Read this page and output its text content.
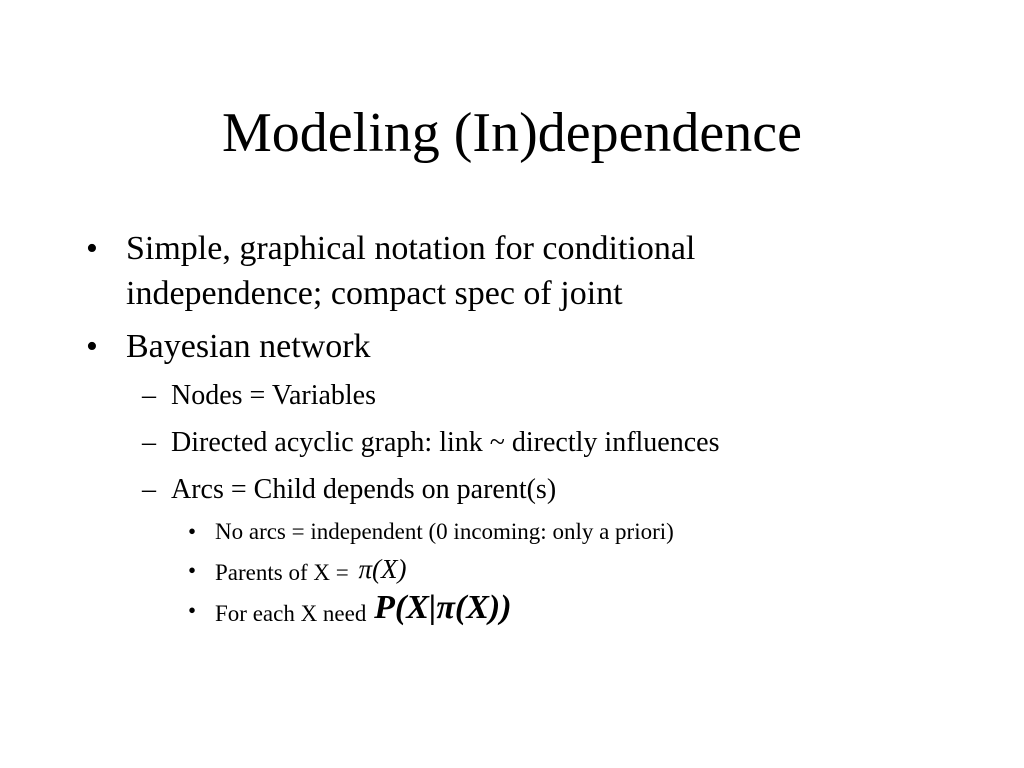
Modeling (In)dependence
• Simple, graphical notation for conditional
independence; compact spec of joint
• Bayesian network
– Nodes = Variables
– Directed acyclic graph: link ~ directly influences
– Arcs = Child depends on parent(s)
• No arcs = independent (0 incoming: only a priori)
• Parents of X = π(X)
• For each X need P(X|π(X))
